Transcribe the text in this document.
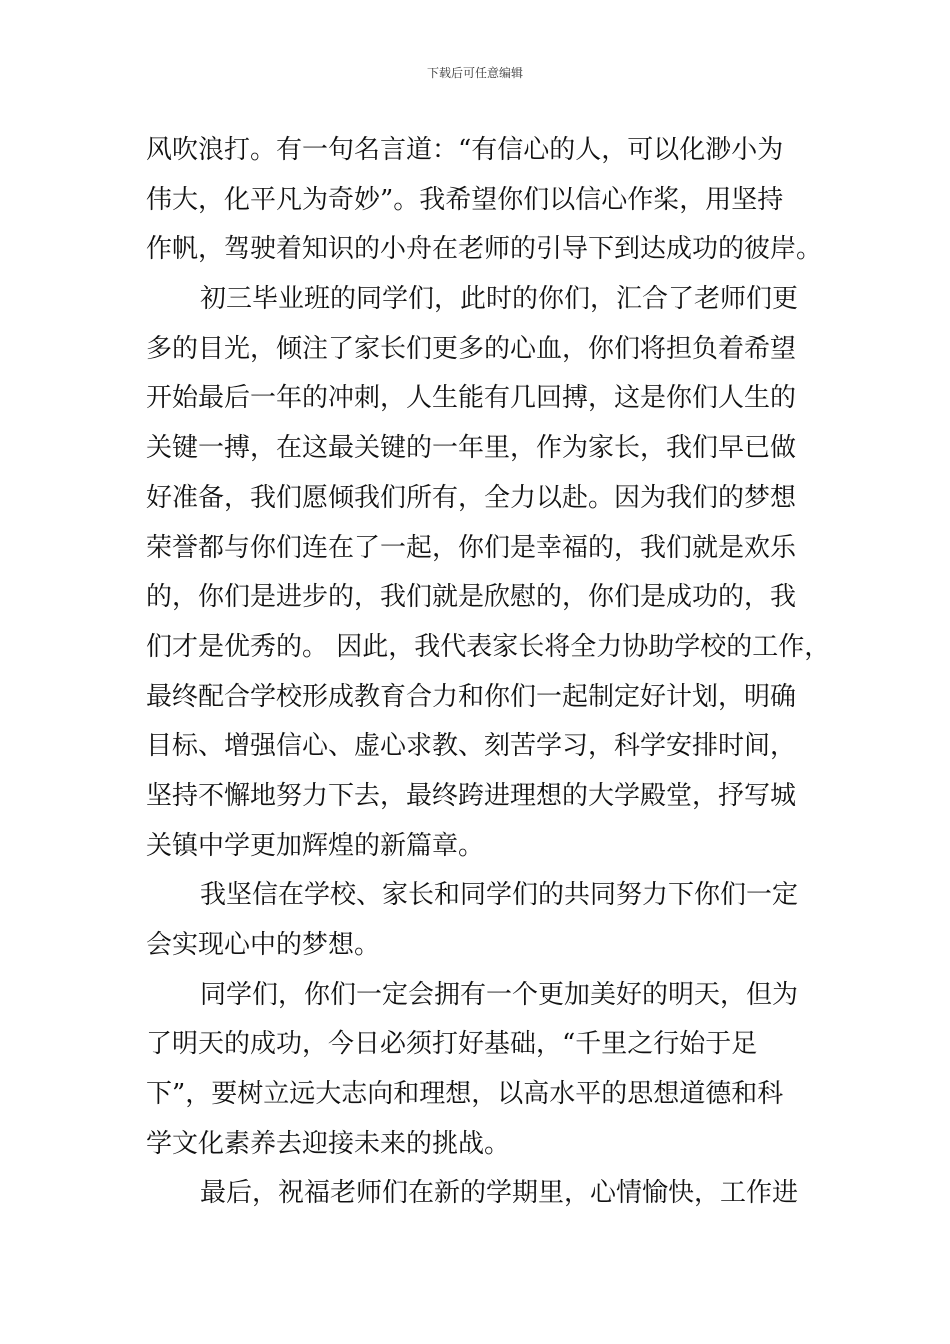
下载后可任意编辑
风吹浪打。有一句名言道：“有信心的人，可以化渺小为
伟大，化平凡为奇妙”。我希望你们以信心作桨，用坚持
作帆，驾驶着知识的小舟在老师的引导下到达成功的彼岸。
初三毕业班的同学们，此时的你们，汇合了老师们更
多的目光，倾注了家长们更多的心血，你们将担负着希望
开始最后一年的冲刺，人生能有几回搏，这是你们人生的
关键一搏，在这最关键的一年里，作为家长，我们早已做
好准备，我们愿倾我们所有，全力以赴。因为我们的梦想
荣誉都与你们连在了一起，你们是幸福的，我们就是欢乐
的，你们是进步的，我们就是欣慰的，你们是成功的，我
们才是优秀的。 因此，我代表家长将全力协助学校的工作，
最终配合学校形成教育合力和你们一起制定好计划，明确
目标、增强信心、虚心求教、刻苦学习，科学安排时间，
坚持不懈地努力下去，最终跨进理想的大学殿堂，抒写城
关镇中学更加辉煌的新篇章。
我坚信在学校、家长和同学们的共同努力下你们一定
会实现心中的梦想。
同学们，你们一定会拥有一个更加美好的明天，但为
了明天的成功，今日必须打好基础，“千里之行始于足
下”，要树立远大志向和理想，以高水平的思想道德和科
学文化素养去迎接未来的挑战。
最后，祝福老师们在新的学期里，心情愉快，工作进
